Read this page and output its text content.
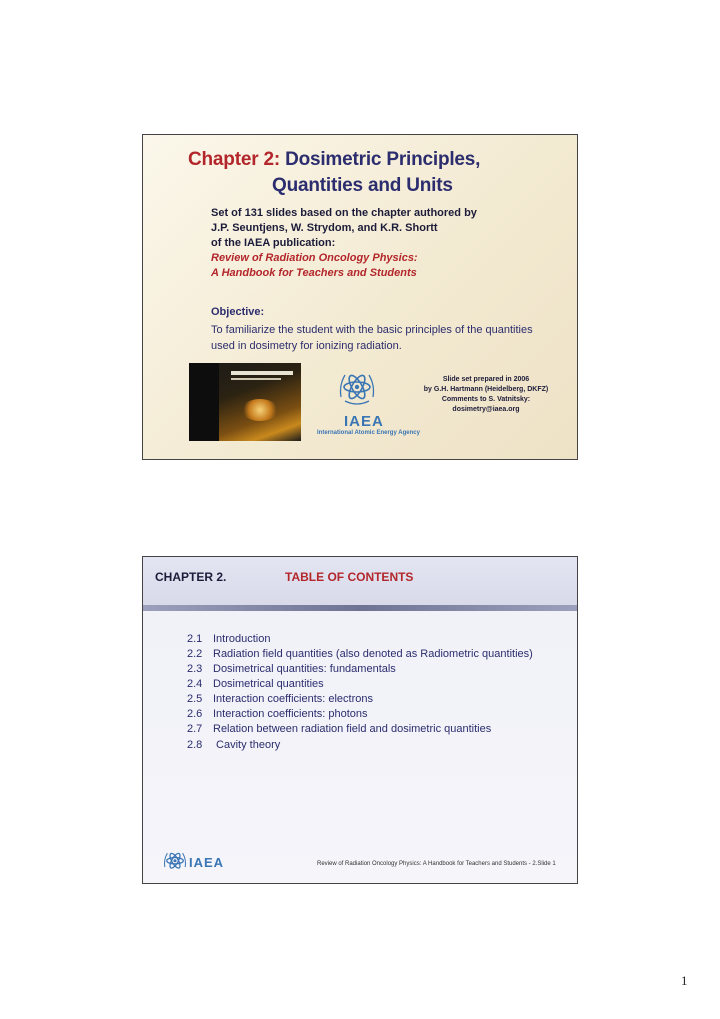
Chapter 2: Dosimetric Principles,
Quantities and Units
Set of 131 slides based on the chapter authored by
J.P. Seuntjens, W. Strydom, and K.R. Shortt
of the IAEA publication:
Review of Radiation Oncology Physics:
A Handbook for Teachers and Students
Objective:
To familiarize the student with the basic principles of the quantities
used in dosimetry for ionizing radiation.
IAEA
International Atomic Energy Agency
Slide set prepared in 2006
by G.H. Hartmann (Heidelberg, DKFZ)
Comments to S. Vatnitsky:
dosimetry@iaea.org
CHAPTER 2.	TABLE OF CONTENTS
2.1 Introduction
2.2 Radiation field quantities (also denoted as Radiometric quantities)
2.3 Dosimetrical quantities: fundamentals
2.4 Dosimetrical quantities
2.5 Interaction coefficients: electrons
2.6 Interaction coefficients: photons
2.7 Relation between radiation field and dosimetric quantities
2.8 Cavity theory
IAEA	Review of Radiation Oncology Physics: A Handbook for Teachers and Students - 2.Slide 1
1
